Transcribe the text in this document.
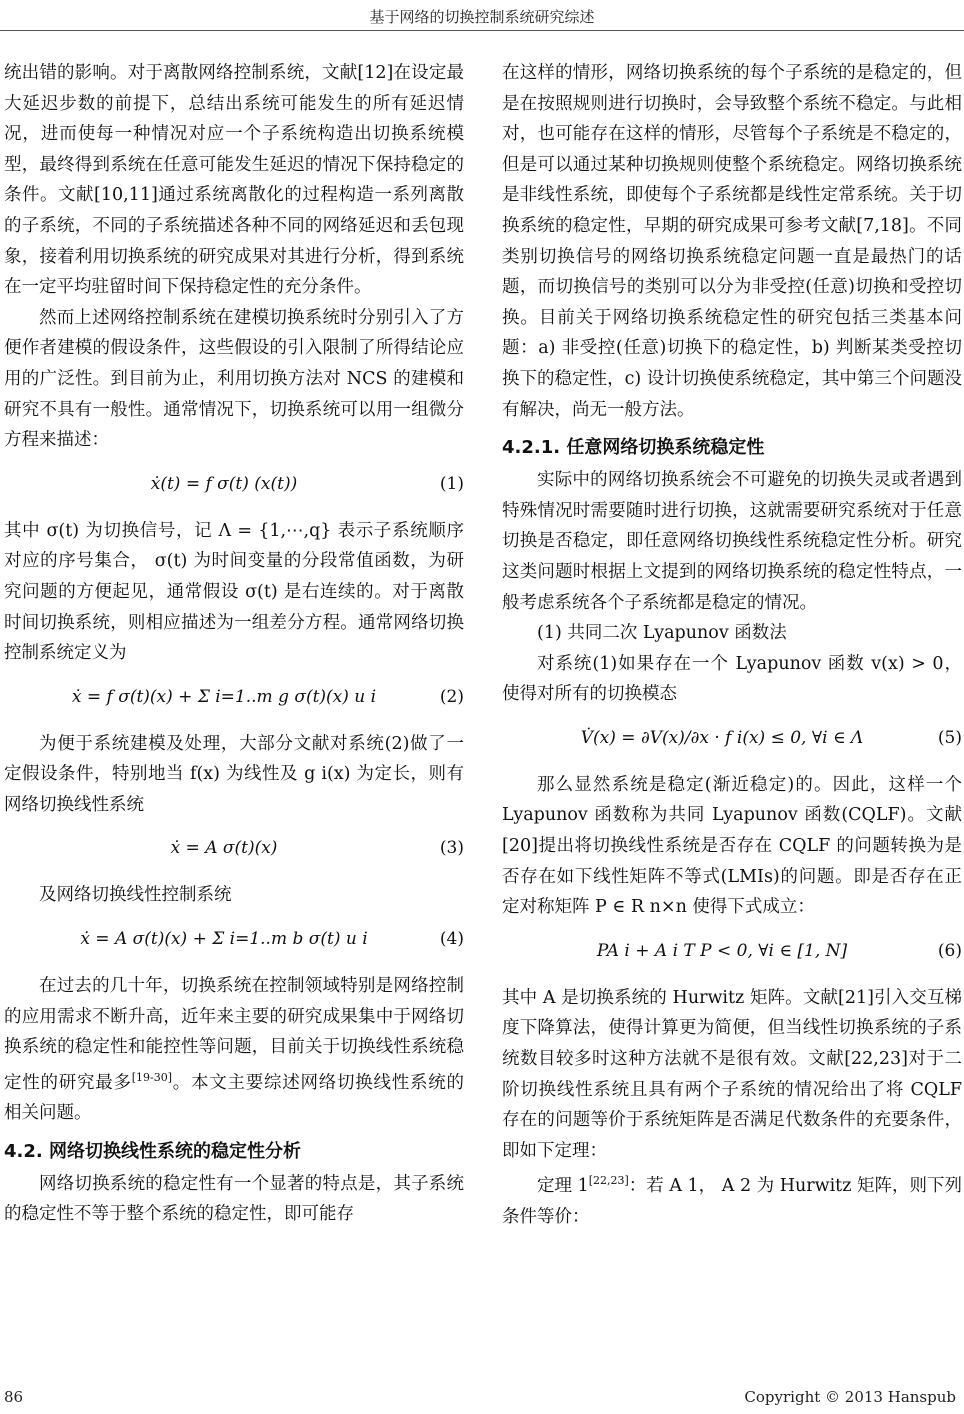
基于网络的切换控制系统研究综述

统出错的影响。对于离散网络控制系统，文献[12]在设定最大延迟步数的前提下，总结出系统可能发生的所有延迟情况，进而使每一种情况对应一个子系统构造出切换系统模型，最终得到系统在任意可能发生延迟的情况下保持稳定的条件。文献[10,11]通过系统离散化的过程构造一系列离散的子系统，不同的子系统描述各种不同的网络延迟和丢包现象，接着利用切换系统的研究成果对其进行分析，得到系统在一定平均驻留时间下保持稳定性的充分条件。

然而上述网络控制系统在建模切换系统时分别引入了方便作者建模的假设条件，这些假设的引入限制了所得结论应用的广泛性。到目前为止，利用切换方法对 NCS 的建模和研究不具有一般性。通常情况下，切换系统可以用一组微分方程来描述：

ẋ(t) = f σ(t) (x(t))	(1)

其中 σ(t) 为切换信号，记 Λ = {1,⋯,q} 表示子系统顺序对应的序号集合， σ(t) 为时间变量的分段常值函数，为研究问题的方便起见，通常假设 σ(t) 是右连续的。对于离散时间切换系统，则相应描述为一组差分方程。通常网络切换控制系统定义为

ẋ = f σ(t)(x) + Σ i=1..m g σ(t)(x) u i	(2)

为便于系统建模及处理，大部分文献对系统(2)做了一定假设条件，特别地当 f(x) 为线性及 g i(x) 为定长，则有网络切换线性系统

ẋ = A σ(t)(x)	(3)

及网络切换线性控制系统

ẋ = A σ(t)(x) + Σ i=1..m b σ(t) u i	(4)

在过去的几十年，切换系统在控制领域特别是网络控制的应用需求不断升高，近年来主要的研究成果集中于网络切换系统的稳定性和能控性等问题，目前关于切换线性系统稳定性的研究最多[19-30]。本文主要综述网络切换线性系统的相关问题。

4.2. 网络切换线性系统的稳定性分析

网络切换系统的稳定性有一个显著的特点是，其子系统的稳定性不等于整个系统的稳定性，即可能存

在这样的情形，网络切换系统的每个子系统的是稳定的，但是在按照规则进行切换时，会导致整个系统不稳定。与此相对，也可能存在这样的情形，尽管每个子系统是不稳定的，但是可以通过某种切换规则使整个系统稳定。网络切换系统是非线性系统，即使每个子系统都是线性定常系统。关于切换系统的稳定性，早期的研究成果可参考文献[7,18]。不同类别切换信号的网络切换系统稳定问题一直是最热门的话题，而切换信号的类别可以分为非受控(任意)切换和受控切换。目前关于网络切换系统稳定性的研究包括三类基本问题：a) 非受控(任意)切换下的稳定性，b) 判断某类受控切换下的稳定性，c) 设计切换使系统稳定，其中第三个问题没有解决，尚无一般方法。

4.2.1. 任意网络切换系统稳定性

实际中的网络切换系统会不可避免的切换失灵或者遇到特殊情况时需要随时进行切换，这就需要研究系统对于任意切换是否稳定，即任意网络切换线性系统稳定性分析。研究这类问题时根据上文提到的网络切换系统的稳定性特点，一般考虑系统各个子系统都是稳定的情况。

(1) 共同二次 Lyapunov 函数法

对系统(1)如果存在一个 Lyapunov 函数 v(x) > 0，使得对所有的切换模态

V̇(x) = ∂V(x)/∂x · f i(x) ≤ 0, ∀i ∈ Λ	(5)

那么显然系统是稳定(渐近稳定)的。因此，这样一个 Lyapunov 函数称为共同 Lyapunov 函数(CQLF)。文献[20]提出将切换线性系统是否存在 CQLF 的问题转换为是否存在如下线性矩阵不等式(LMIs)的问题。即是否存在正定对称矩阵 P ∈ R n×n 使得下式成立：

PA i + A i T P < 0, ∀i ∈ [1, N]	(6)

其中 A 是切换系统的 Hurwitz 矩阵。文献[21]引入交互梯度下降算法，使得计算更为简便，但当线性切换系统的子系统数目较多时这种方法就不是很有效。文献[22,23]对于二阶切换线性系统且具有两个子系统的情况给出了将 CQLF 存在的问题等价于系统矩阵是否满足代数条件的充要条件，即如下定理：

定理 1[22,23]：若 A 1， A 2 为 Hurwitz 矩阵，则下列条件等价：

86	Copyright © 2013 Hanspub
